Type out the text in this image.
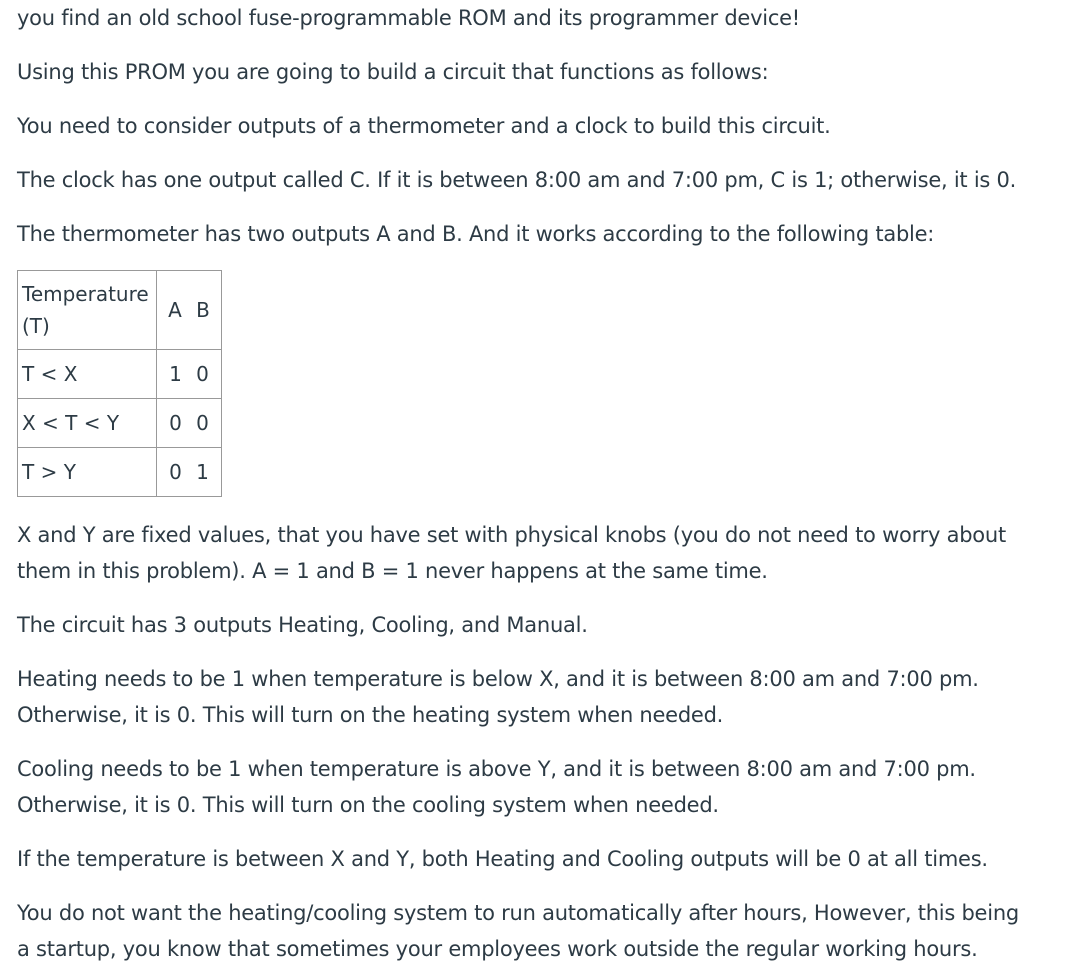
you find an old school fuse-programmable ROM and its programmer device!

Using this PROM you are going to build a circuit that functions as follows:

You need to consider outputs of a thermometer and a clock to build this circuit.

The clock has one output called C. If it is between 8:00 am and 7:00 pm, C is 1; otherwise, it is 0.

The thermometer has two outputs A and B. And it works according to the following table:

Temperature
(T)	A B
T < X	1 0
X < T < Y	0 0
T > Y	0 1
X and Y are fixed values, that you have set with physical knobs (you do not need to worry about
them in this problem). A = 1 and B = 1 never happens at the same time.

The circuit has 3 outputs Heating, Cooling, and Manual.

Heating needs to be 1 when temperature is below X, and it is between 8:00 am and 7:00 pm.
Otherwise, it is 0. This will turn on the heating system when needed.
Cooling needs to be 1 when temperature is above Y, and it is between 8:00 am and 7:00 pm.
Otherwise, it is 0. This will turn on the cooling system when needed.

If the temperature is between X and Y, both Heating and Cooling outputs will be 0 at all times.

You do not want the heating/cooling system to run automatically after hours, However, this being
a startup, you know that sometimes your employees work outside the regular working hours.
